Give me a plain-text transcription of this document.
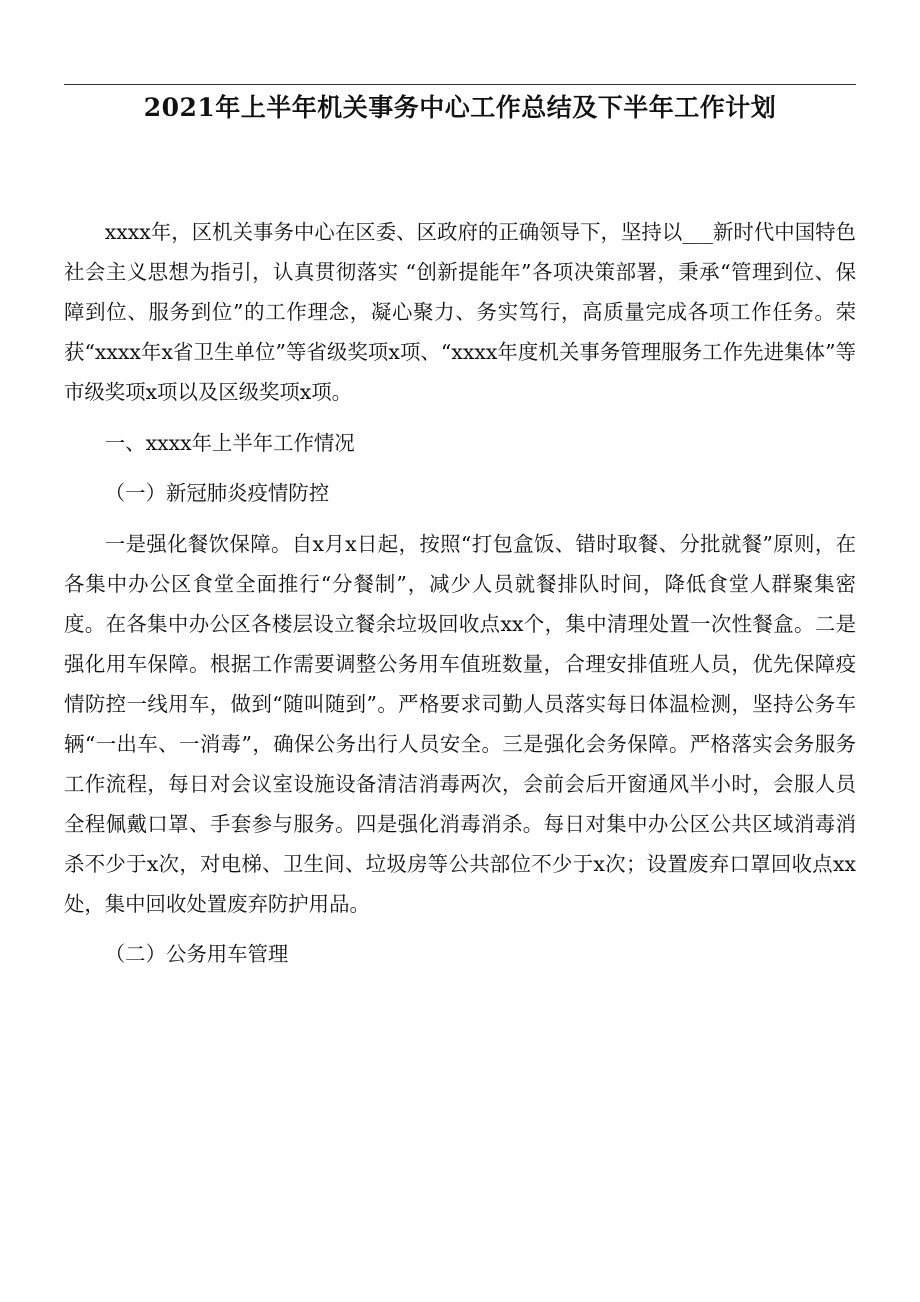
2021年上半年机关事务中心工作总结及下半年工作计划

xxxx年，区机关事务中心在区委、区政府的正确领导下，坚持以___新时代中国特色社会主义思想为指引，认真贯彻落实 “创新提能年”各项决策部署，秉承“管理到位、保障到位、服务到位”的工作理念，凝心聚力、务实笃行，高质量完成各项工作任务。荣获“xxxx年x省卫生单位”等省级奖项x项、“xxxx年度机关事务管理服务工作先进集体”等市级奖项x项以及区级奖项x项。

一、xxxx年上半年工作情况

（一）新冠肺炎疫情防控

一是强化餐饮保障。自x月x日起，按照“打包盒饭、错时取餐、分批就餐”原则，在各集中办公区食堂全面推行“分餐制”，减少人员就餐排队时间，降低食堂人群聚集密度。在各集中办公区各楼层设立餐余垃圾回收点xx个，集中清理处置一次性餐盒。二是强化用车保障。根据工作需要调整公务用车值班数量，合理安排值班人员，优先保障疫情防控一线用车，做到“随叫随到”。严格要求司勤人员落实每日体温检测，坚持公务车辆“一出车、一消毒”，确保公务出行人员安全。三是强化会务保障。严格落实会务服务工作流程，每日对会议室设施设备清洁消毒两次，会前会后开窗通风半小时，会服人员全程佩戴口罩、手套参与服务。四是强化消毒消杀。每日对集中办公区公共区域消毒消杀不少于x次，对电梯、卫生间、垃圾房等公共部位不少于x次；设置废弃口罩回收点xx处，集中回收处置废弃防护用品。

（二）公务用车管理
